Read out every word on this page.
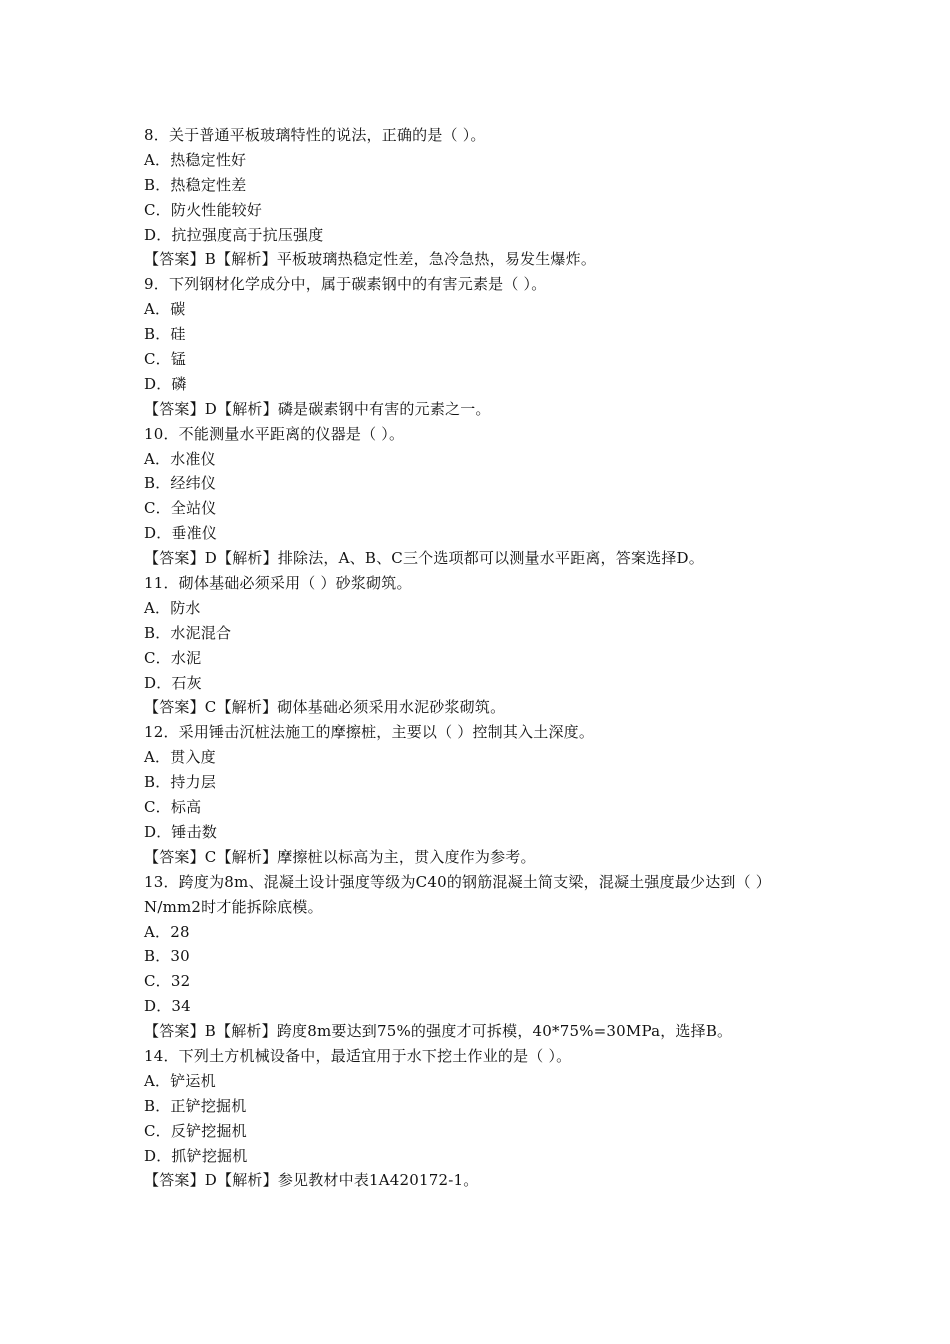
8．关于普通平板玻璃特性的说法，正确的是（ ）。
A．热稳定性好
B．热稳定性差
C．防火性能较好
D．抗拉强度高于抗压强度
【答案】B【解析】平板玻璃热稳定性差，急冷急热，易发生爆炸。
9．下列钢材化学成分中，属于碳素钢中的有害元素是（ ）。
A．碳
B．硅
C．锰
D．磷
【答案】D【解析】磷是碳素钢中有害的元素之一。
10．不能测量水平距离的仪器是（ ）。
A．水准仪
B．经纬仪
C．全站仪
D．垂准仪
【答案】D【解析】排除法，A、B、C三个选项都可以测量水平距离，答案选择D。
11．砌体基础必须采用（ ）砂浆砌筑。
A．防水
B．水泥混合
C．水泥
D．石灰
【答案】C【解析】砌体基础必须采用水泥砂浆砌筑。
12．采用锤击沉桩法施工的摩擦桩，主要以（ ）控制其入土深度。
A．贯入度
B．持力层
C．标高
D．锤击数
【答案】C【解析】摩擦桩以标高为主，贯入度作为参考。
13．跨度为8m、混凝土设计强度等级为C40的钢筋混凝土简支梁，混凝土强度最少达到（ ）N/mm2时才能拆除底模。
A．28
B．30
C．32
D．34
【答案】B【解析】跨度8m要达到75%的强度才可拆模，40*75%=30MPa，选择B。
14．下列土方机械设备中，最适宜用于水下挖土作业的是（ ）。
A．铲运机
B．正铲挖掘机
C．反铲挖掘机
D．抓铲挖掘机
【答案】D【解析】参见教材中表1A420172-1。
